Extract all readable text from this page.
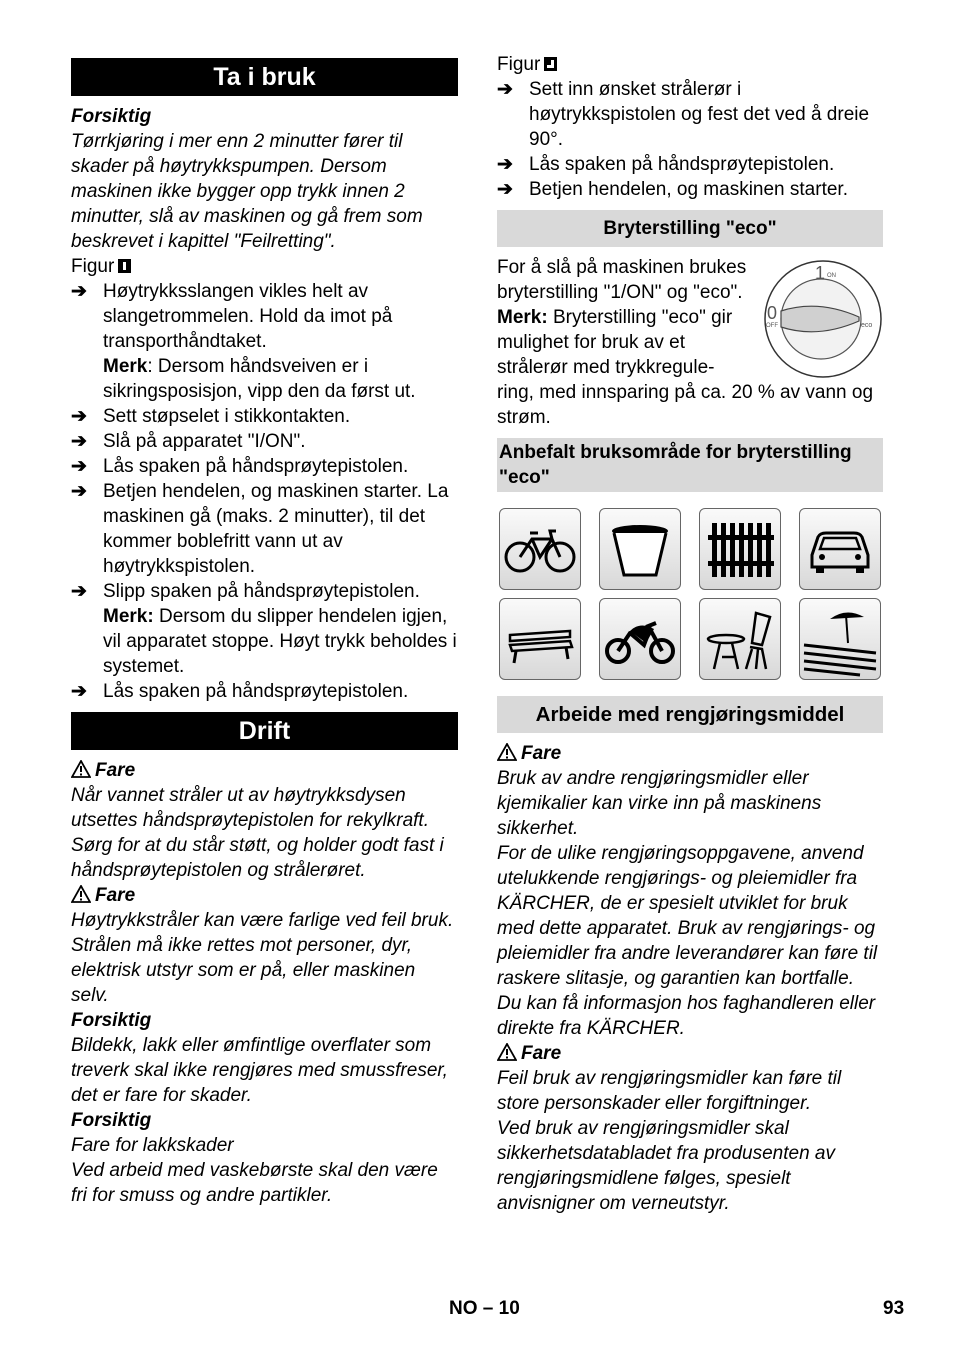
Ta i bruk

Forsiktig

Tørrkjøring i mer enn 2 minutter fører til skader på høytrykkspumpen. Dersom maskinen ikke bygger opp trykk innen 2 minutter, slå av maskinen og gå frem som beskrevet i kapittel "Feilretting".

Figur

➔ Høytrykksslangen vikles helt av slangetrommelen. Hold da imot på transporthåndtaket.
Merk: Dersom håndsveiven er i sikringsposisjon, vipp den da først ut.
➔ Sett støpselet i stikkontakten.
➔ Slå på apparatet "I/ON".
➔ Lås spaken på håndsprøytepistolen.
➔ Betjen hendelen, og maskinen starter. La maskinen gå (maks. 2 minutter), til det kommer boblefritt vann ut av høytrykkspistolen.
➔ Slipp spaken på håndsprøytepistolen.
Merk: Dersom du slipper hendelen igjen, vil apparatet stoppe. Høyt trykk beholdes i systemet.
➔ Lås spaken på håndsprøytepistolen.
Drift

Fare

Når vannet stråler ut av høytrykksdysen utsettes håndsprøytepistolen for rekylkraft. Sørg for at du står støtt, og holder godt fast i håndsprøytepistolen og strålerøret.

Fare

Høytrykkstråler kan være farlige ved feil bruk. Strålen må ikke rettes mot personer, dyr, elektrisk utstyr som er på, eller maskinen selv.

Forsiktig

Bildekk, lakk eller ømfintlige overflater som treverk skal ikke rengjøres med smussfreser, det er fare for skader.

Forsiktig

Fare for lakkskader

Ved arbeid med vaskebørste skal den være fri for smuss og andre partikler.

Figur

➔ Sett inn ønsket strålerør i høytrykkspistolen og fest det ved å dreie 90°.
➔ Lås spaken på håndsprøytepistolen.
➔ Betjen hendelen, og maskinen starter.
Bryterstilling "eco"
1 ON
0
OFF	eco

For å slå på maskinen brukes bryterstilling "1/ON" og "eco".

Merk: Bryterstilling "eco" gir mulighet for bruk av et strålerør med trykkregule-

ring, med innsparing på ca. 20 % av vann og strøm.

Anbefalt bruksområde for bryterstilling "eco"
Arbeide med rengjøringsmiddel

Fare

Bruk av andre rengjøringsmidler eller kjemikalier kan virke inn på maskinens sikkerhet.

For de ulike rengjøringsoppgavene, anvend utelukkende rengjørings- og pleiemidler fra KÄRCHER, de er spesielt utviklet for bruk med dette apparatet. Bruk av rengjørings- og pleiemidler fra andre leverandører kan føre til raskere slitasje, og garantien kan bortfalle. Du kan få informasjon hos faghandleren eller direkte fra KÄRCHER.

Fare

Feil bruk av rengjøringsmidler kan føre til store personskader eller forgiftninger.

Ved bruk av rengjøringsmidler skal sikkerhetsdatabladet fra produsenten av rengjøringsmidlene følges, spesielt anvisnigner om verneutstyr.

NO – 10	93
